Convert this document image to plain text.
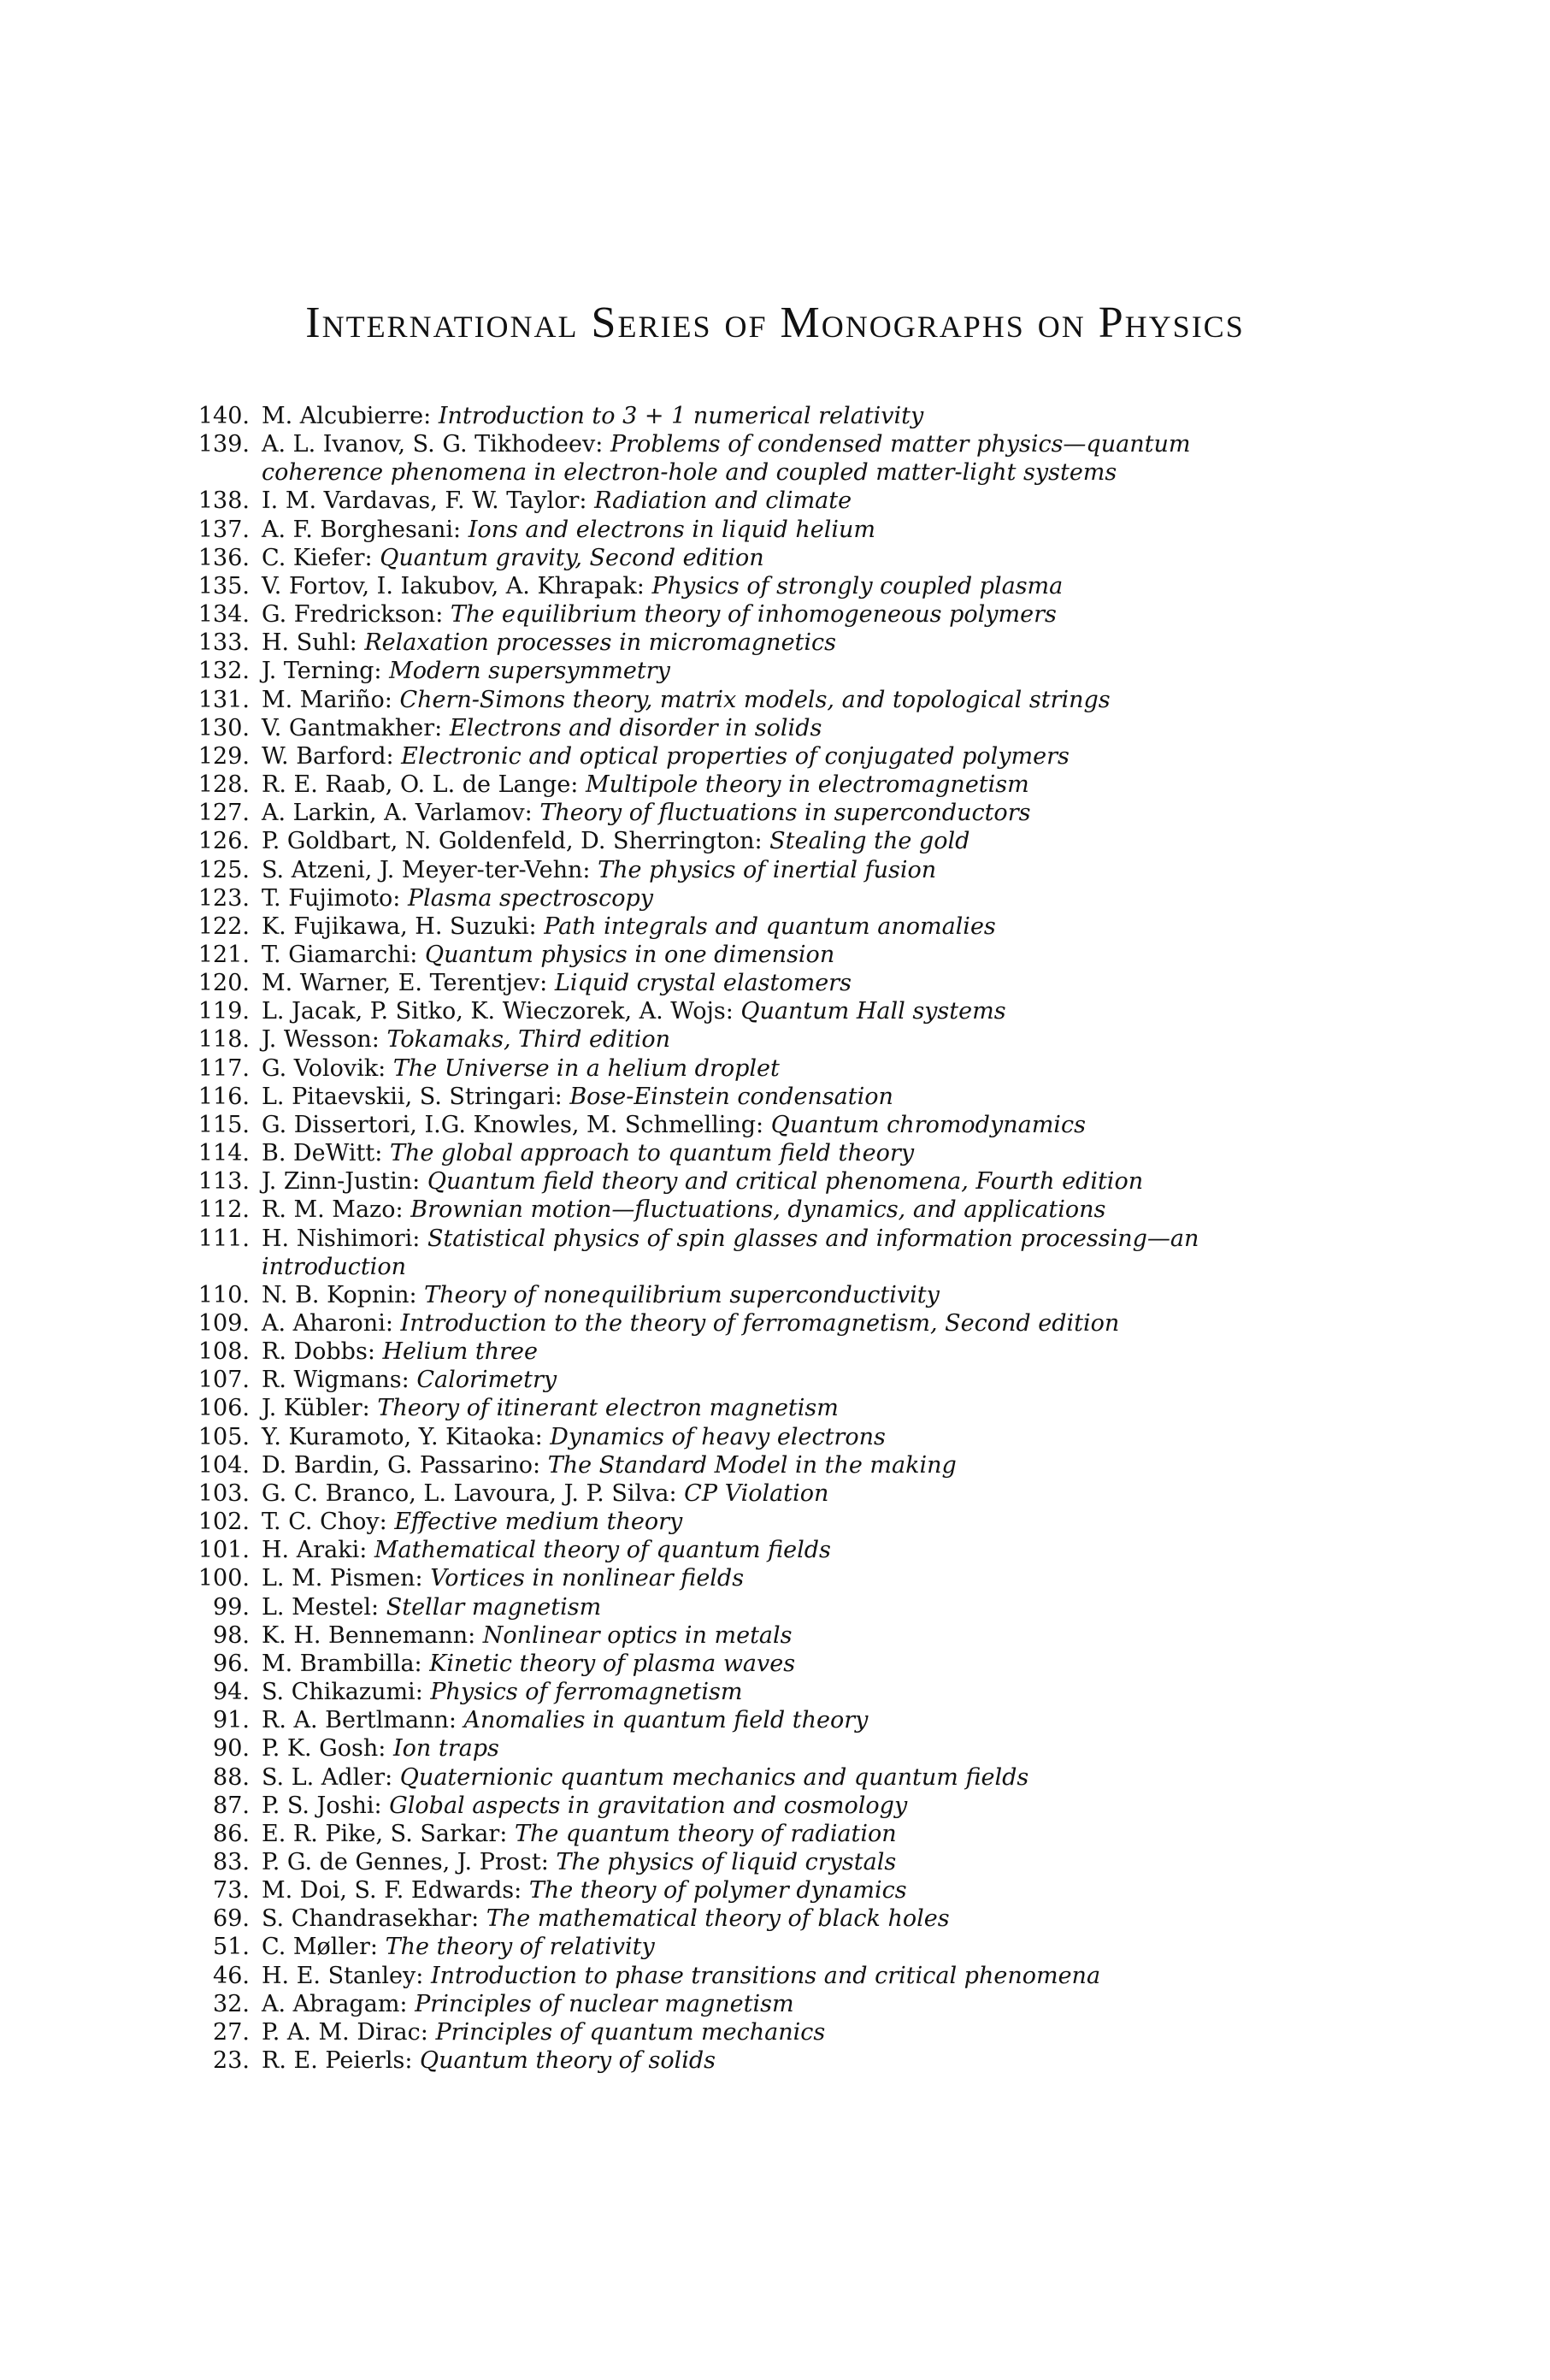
International Series of Monographs on Physics
140. M. Alcubierre: Introduction to 3 + 1 numerical relativity
139. A. L. Ivanov, S. G. Tikhodeev: Problems of condensed matter physics—quantum coherence phenomena in electron-hole and coupled matter-light systems
138. I. M. Vardavas, F. W. Taylor: Radiation and climate
137. A. F. Borghesani: Ions and electrons in liquid helium
136. C. Kiefer: Quantum gravity, Second edition
135. V. Fortov, I. Iakubov, A. Khrapak: Physics of strongly coupled plasma
134. G. Fredrickson: The equilibrium theory of inhomogeneous polymers
133. H. Suhl: Relaxation processes in micromagnetics
132. J. Terning: Modern supersymmetry
131. M. Mariño: Chern-Simons theory, matrix models, and topological strings
130. V. Gantmakher: Electrons and disorder in solids
129. W. Barford: Electronic and optical properties of conjugated polymers
128. R. E. Raab, O. L. de Lange: Multipole theory in electromagnetism
127. A. Larkin, A. Varlamov: Theory of fluctuations in superconductors
126. P. Goldbart, N. Goldenfeld, D. Sherrington: Stealing the gold
125. S. Atzeni, J. Meyer-ter-Vehn: The physics of inertial fusion
123. T. Fujimoto: Plasma spectroscopy
122. K. Fujikawa, H. Suzuki: Path integrals and quantum anomalies
121. T. Giamarchi: Quantum physics in one dimension
120. M. Warner, E. Terentjev: Liquid crystal elastomers
119. L. Jacak, P. Sitko, K. Wieczorek, A. Wojs: Quantum Hall systems
118. J. Wesson: Tokamaks, Third edition
117. G. Volovik: The Universe in a helium droplet
116. L. Pitaevskii, S. Stringari: Bose-Einstein condensation
115. G. Dissertori, I.G. Knowles, M. Schmelling: Quantum chromodynamics
114. B. DeWitt: The global approach to quantum field theory
113. J. Zinn-Justin: Quantum field theory and critical phenomena, Fourth edition
112. R. M. Mazo: Brownian motion—fluctuations, dynamics, and applications
111. H. Nishimori: Statistical physics of spin glasses and information processing—an introduction
110. N. B. Kopnin: Theory of nonequilibrium superconductivity
109. A. Aharoni: Introduction to the theory of ferromagnetism, Second edition
108. R. Dobbs: Helium three
107. R. Wigmans: Calorimetry
106. J. Kübler: Theory of itinerant electron magnetism
105. Y. Kuramoto, Y. Kitaoka: Dynamics of heavy electrons
104. D. Bardin, G. Passarino: The Standard Model in the making
103. G. C. Branco, L. Lavoura, J. P. Silva: CP Violation
102. T. C. Choy: Effective medium theory
101. H. Araki: Mathematical theory of quantum fields
100. L. M. Pismen: Vortices in nonlinear fields
99. L. Mestel: Stellar magnetism
98. K. H. Bennemann: Nonlinear optics in metals
96. M. Brambilla: Kinetic theory of plasma waves
94. S. Chikazumi: Physics of ferromagnetism
91. R. A. Bertlmann: Anomalies in quantum field theory
90. P. K. Gosh: Ion traps
88. S. L. Adler: Quaternionic quantum mechanics and quantum fields
87. P. S. Joshi: Global aspects in gravitation and cosmology
86. E. R. Pike, S. Sarkar: The quantum theory of radiation
83. P. G. de Gennes, J. Prost: The physics of liquid crystals
73. M. Doi, S. F. Edwards: The theory of polymer dynamics
69. S. Chandrasekhar: The mathematical theory of black holes
51. C. Møller: The theory of relativity
46. H. E. Stanley: Introduction to phase transitions and critical phenomena
32. A. Abragam: Principles of nuclear magnetism
27. P. A. M. Dirac: Principles of quantum mechanics
23. R. E. Peierls: Quantum theory of solids
